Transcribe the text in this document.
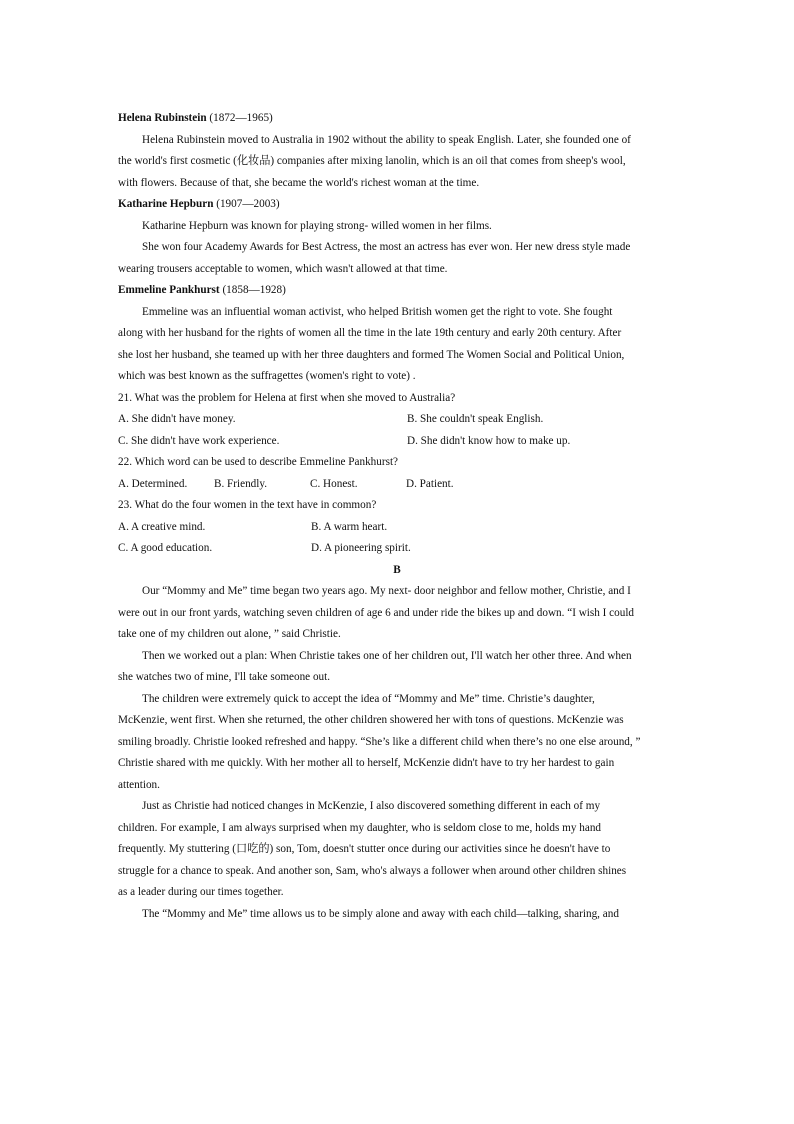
Helena Rubinstein (1872—1965)

Helena Rubinstein moved to Australia in 1902 without the ability to speak English. Later, she founded one of

the world's first cosmetic (化妆品) companies after mixing lanolin, which is an oil that comes from sheep's wool,

with flowers. Because of that, she became the world's richest woman at the time.

Katharine Hepburn (1907—2003)

Katharine Hepburn was known for playing strong- willed women in her films.

She won four Academy Awards for Best Actress, the most an actress has ever won. Her new dress style made

wearing trousers acceptable to women, which wasn't allowed at that time.

Emmeline Pankhurst (1858—1928)

Emmeline was an influential woman activist, who helped British women get the right to vote. She fought

along with her husband for the rights of women all the time in the late 19th century and early 20th century. After

she lost her husband, she teamed up with her three daughters and formed The Women Social and Political Union,

which was best known as the suffragettes (women's right to vote) .

21. What was the problem for Helena at first when she moved to Australia?

A. She didn't have money.	B. She couldn't speak English.
C. She didn't have work experience.	D. She didn't know how to make up.

22. Which word can be used to describe Emmeline Pankhurst?

A. Determined.	B. Friendly.	C. Honest.	D. Patient.

23. What do the four women in the text have in common?

A. A creative mind.	B. A warm heart.
C. A good education.	D. A pioneering spirit.

B

Our “Mommy and Me” time began two years ago. My next- door neighbor and fellow mother, Christie, and I

were out in our front yards, watching seven children of age 6 and under ride the bikes up and down. “I wish I could

take one of my children out alone, ” said Christie.

Then we worked out a plan: When Christie takes one of her children out, I'll watch her other three. And when

she watches two of mine, I'll take someone out.

The children were extremely quick to accept the idea of “Mommy and Me” time. Christie’s daughter,

McKenzie, went first. When she returned, the other children showered her with tons of questions. McKenzie was

smiling broadly. Christie looked refreshed and happy. “She’s like a different child when there’s no one else around, ”

Christie shared with me quickly. With her mother all to herself, McKenzie didn't have to try her hardest to gain

attention.

Just as Christie had noticed changes in McKenzie, I also discovered something different in each of my

children. For example, I am always surprised when my daughter, who is seldom close to me, holds my hand

frequently. My stuttering (口吃的) son, Tom, doesn't stutter once during our activities since he doesn't have to

struggle for a chance to speak. And another son, Sam, who's always a follower when around other children shines

as a leader during our times together.

The “Mommy and Me” time allows us to be simply alone and away with each child—talking, sharing, and
